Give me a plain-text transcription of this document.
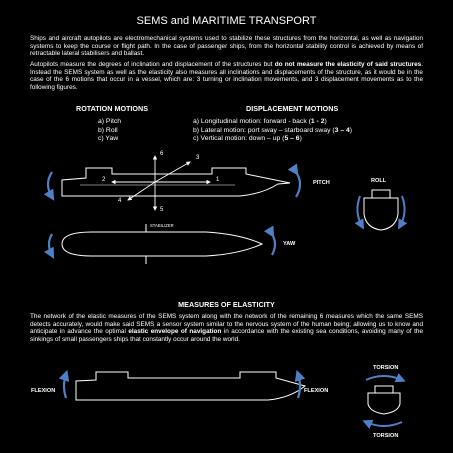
SEMS and MARITIME TRANSPORT
Ships and aircraft autopilots are electromechanical systems used to stabilize these structures from the horizontal, as well as navigation systems to keep the course or flight path. In the case of passenger ships, from the horizontal stability control is achieved by means of retractable lateral stabilisers and ballast.
Autopilots measure the degrees of inclination and displacement of the structures but do not measure the elasticity of said structures. Instead the SEMS system as well as the elasticity also measures all inclinations and displacements of the structure, as it would be in the case of the 6 motions that occur in a vessel, which are: 3 turning or inclination movements, and 3 displacement movements as to the following figures.
ROTATION MOTIONS
a) Pitch
b) Roll
c) Yaw
DISPLACEMENT MOTIONS
a) Longitudinal motion: forward - back (1 - 2)
b) Lateral motion: port sway – starboard sway (3 – 4)
c) Vertical motion: down – up (5 – 6)
1
2
3
4
5
6
PITCH	ROLL
YAW
STABILIZER
MEASURES OF ELASTICITY
The network of the elastic measures of the SEMS system along with the network of the remaining 6 measures which the same SEMS detects accurately, would make said SEMS a sensor system similar to the nervous system of the human being; allowing us to know and anticipate in advance the optimal elastic envelope of navigation in accordance with the existing sea conditions, avoiding many of the sinkings of small passengers ships that constantly occur around the world.
FLEXION	FLEXION
TORSION
TORSION
